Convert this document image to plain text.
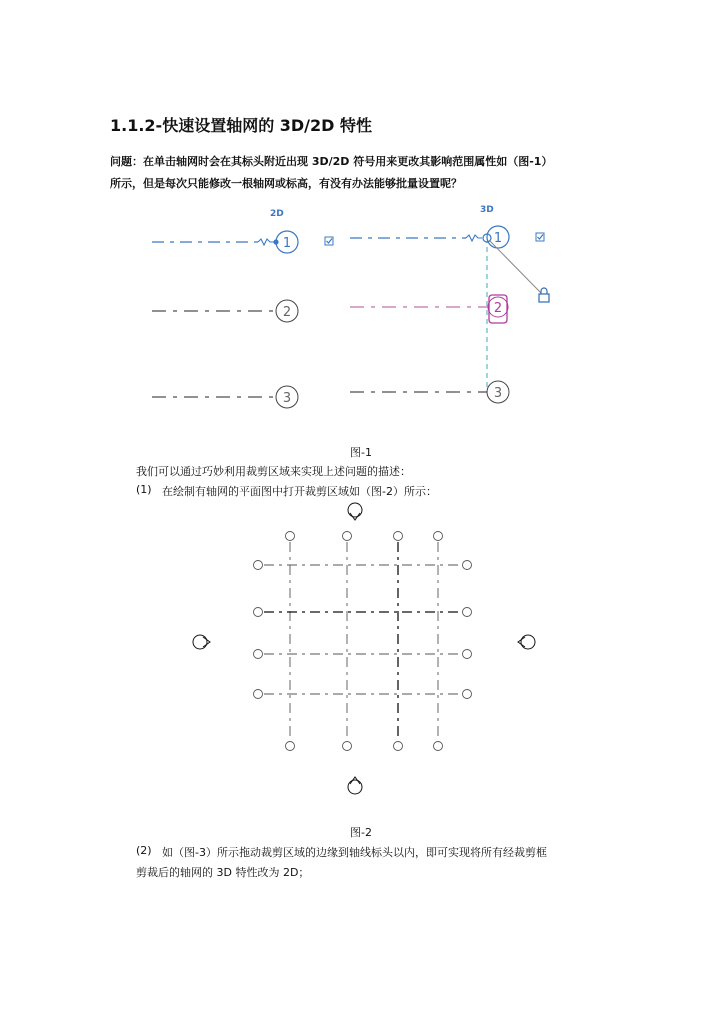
1.1.2-快速设置轴网的 3D/2D 特性
问题：在单击轴网时会在其标头附近出现 3D/2D 符号用来更改其影响范围属性如（图-1）
所示，但是每次只能修改一根轴网或标高，有没有办法能够批量设置呢？
2D	3D
1
2
3
1
2
3
图-1
我们可以通过巧妙利用裁剪区域来实现上述问题的描述：
(1) 在绘制有轴网的平面图中打开裁剪区域如（图-2）所示：
图-2
(2) 如（图-3）所示拖动裁剪区域的边缘到轴线标头以内，即可实现将所有经裁剪框
剪裁后的轴网的 3D 特性改为 2D；
